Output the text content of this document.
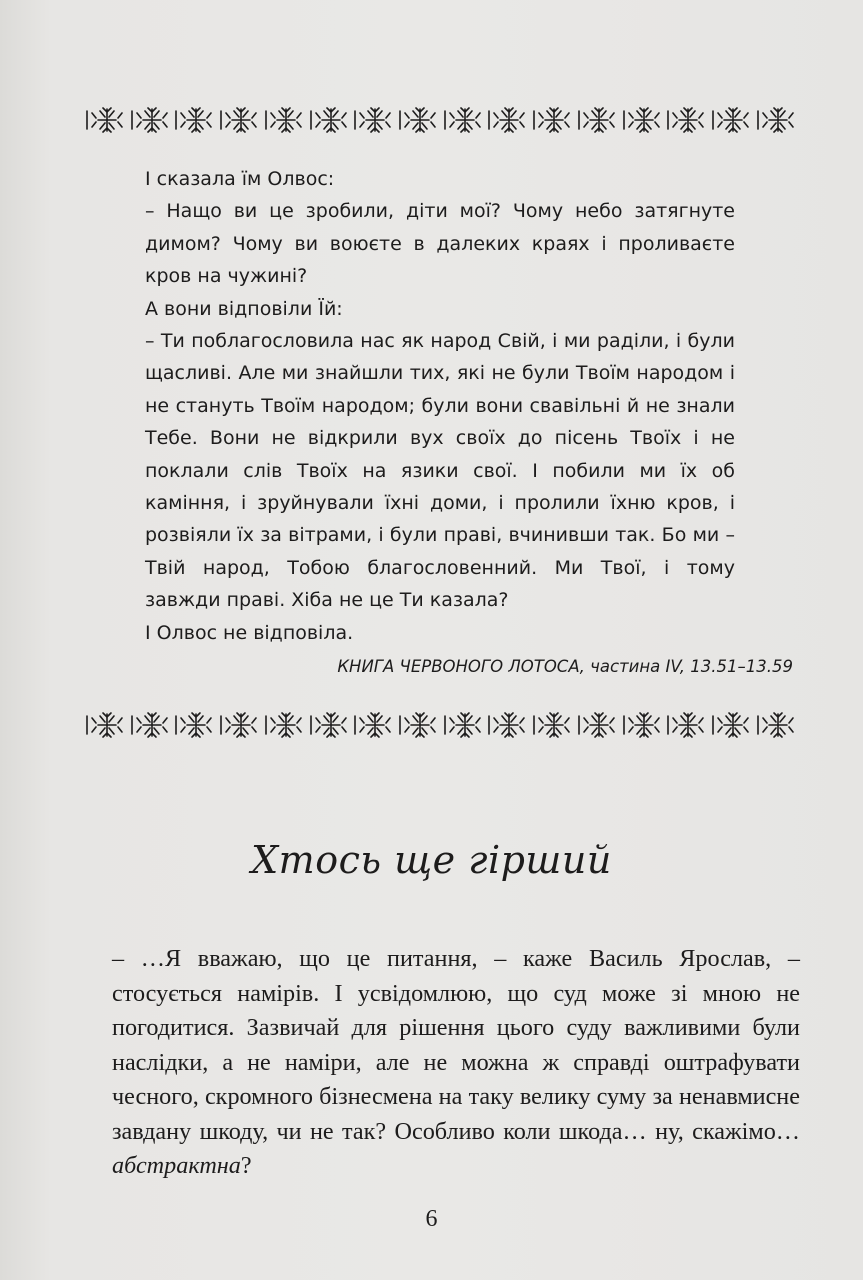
І сказала їм Олвос:

– Нащо ви це зробили, діти мої? Чому небо затягнуте димом? Чому ви воюєте в далеких краях і проливаєте кров на чужині?

А вони відповіли Їй:

– Ти поблагословила нас як народ Свій, і ми раділи, і були щасливі. Але ми знайшли тих, які не були Твоїм народом і не стануть Твоїм народом; були вони свавільні й не знали Тебе. Вони не відкрили вух своїх до пісень Твоїх і не поклали слів Твоїх на язики свої. І побили ми їх об каміння, і зруйнували їхні доми, і пролили їхню кров, і розвіяли їх за вітрами, і були праві, вчинивши так. Бо ми – Твій народ, Тобою благословенний. Ми Твої, і тому завжди праві. Хіба не це Ти казала?

І Олвос не відповіла.

КНИГА ЧЕРВОНОГО ЛОТОСА, частина IV, 13.51–13.59

Хтось ще гірший

– …Я вважаю, що це питання, – каже Василь Ярослав, – стосується намірів. І усвідомлюю, що суд може зі мною не погодитися. Зазвичай для рішення цього суду важливими були наслідки, а не наміри, але не можна ж справді оштрафувати чесного, скромного бізнесмена на таку велику суму за ненавмисне завдану шкоду, чи не так? Особливо коли шкода… ну, скажімо… абстрактна?

6
